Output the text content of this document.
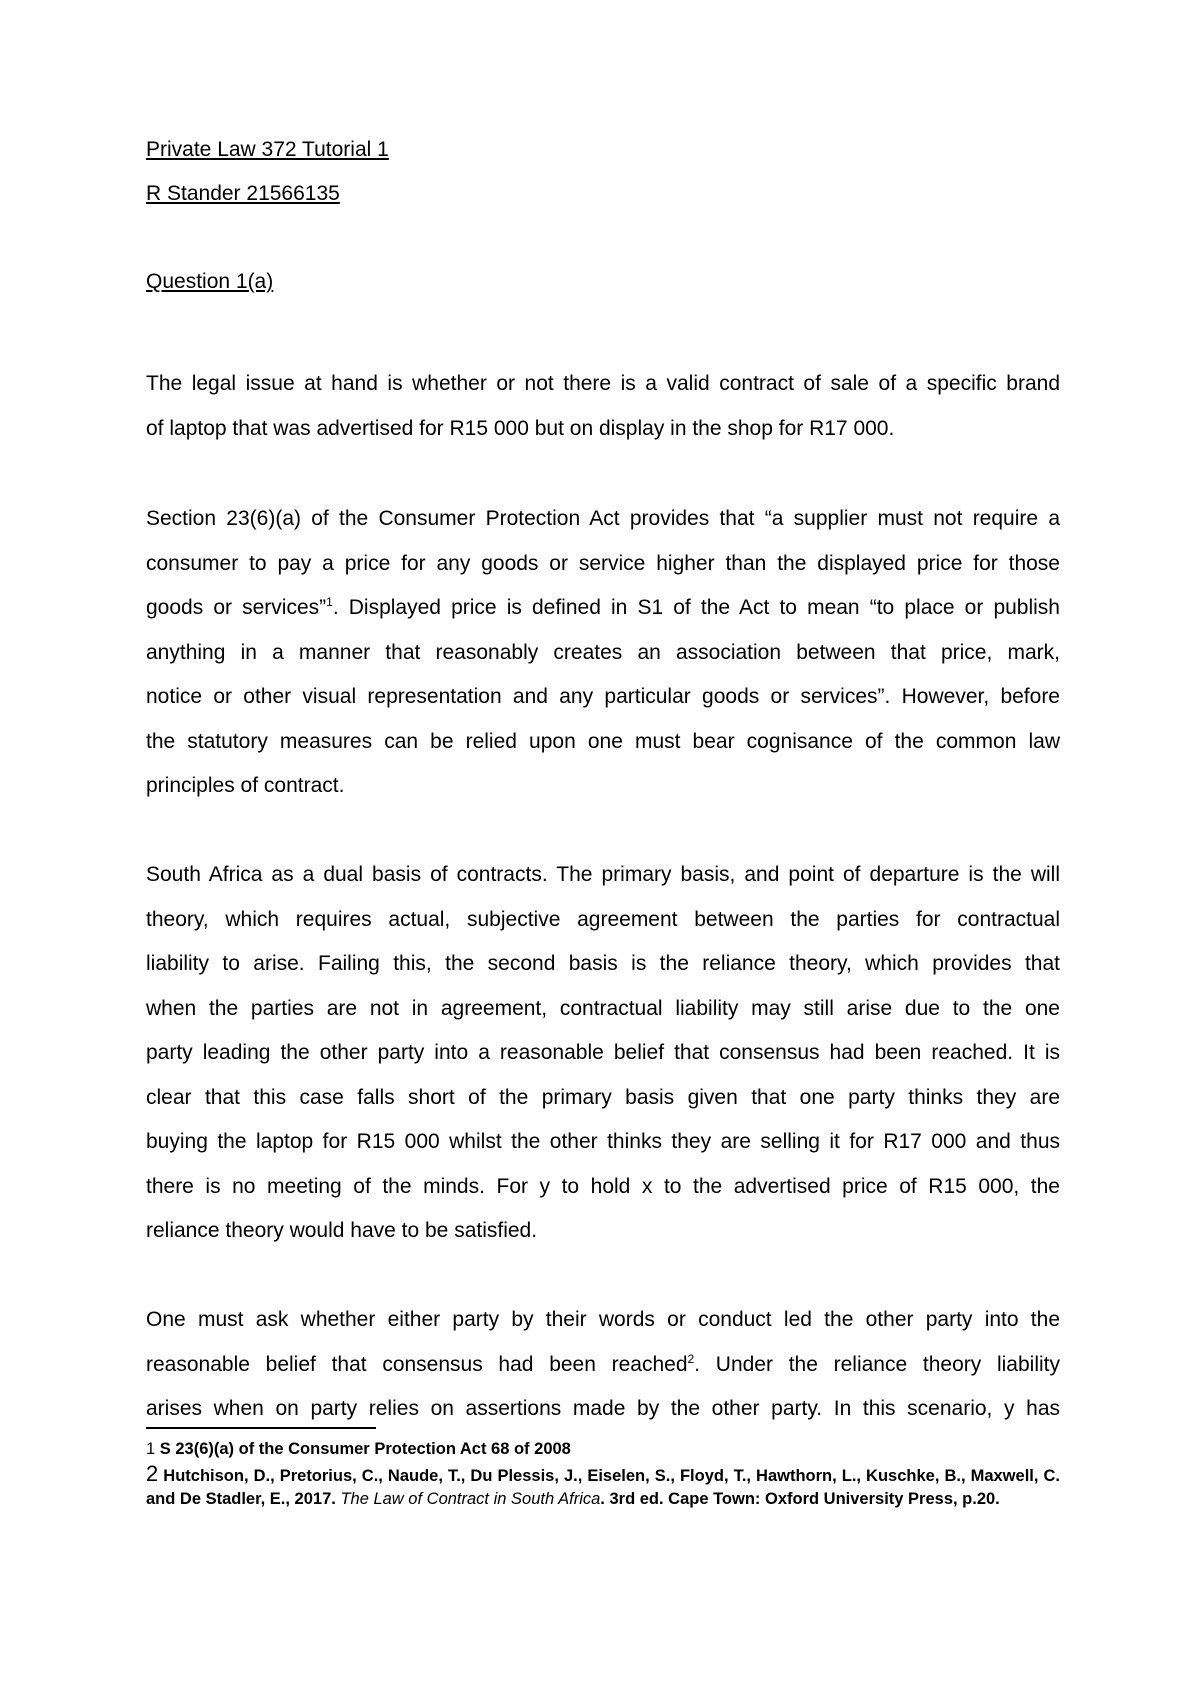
Private Law 372 Tutorial 1
R Stander 21566135
Question 1(a)
The legal issue at hand is whether or not there is a valid contract of sale of a specific brand
of laptop that was advertised for R15 000 but on display in the shop for R17 000.
Section 23(6)(a) of the Consumer Protection Act provides that “a supplier must not require a
consumer to pay a price for any goods or service higher than the displayed price for those
goods or services”$^1$. Displayed price is defined in S1 of the Act to mean “to place or publish
anything in a manner that reasonably creates an association between that price, mark,
notice or other visual representation and any particular goods or services”. However, before
the statutory measures can be relied upon one must bear cognisance of the common law
principles of contract.
South Africa as a dual basis of contracts. The primary basis, and point of departure is the will
theory, which requires actual, subjective agreement between the parties for contractual
liability to arise. Failing this, the second basis is the reliance theory, which provides that
when the parties are not in agreement, contractual liability may still arise due to the one
party leading the other party into a reasonable belief that consensus had been reached. It is
clear that this case falls short of the primary basis given that one party thinks they are
buying the laptop for R15 000 whilst the other thinks they are selling it for R17 000 and thus
there is no meeting of the minds. For y to hold x to the advertised price of R15 000, the
reliance theory would have to be satisfied.
One must ask whether either party by their words or conduct led the other party into the
reasonable belief that consensus had been reached$^2$. Under the reliance theory liability
arises when on party relies on assertions made by the other party. In this scenario, y has

1 S 23(6)(a) of the Consumer Protection Act 68 of 2008

2 Hutchison, D., Pretorius, C., Naude, T., Du Plessis, J., Eiselen, S., Floyd, T., Hawthorn, L., Kuschke, B., Maxwell, C. and De Stadler, E., 2017. The Law of Contract in South Africa. 3rd ed. Cape Town: Oxford University Press, p.20.
